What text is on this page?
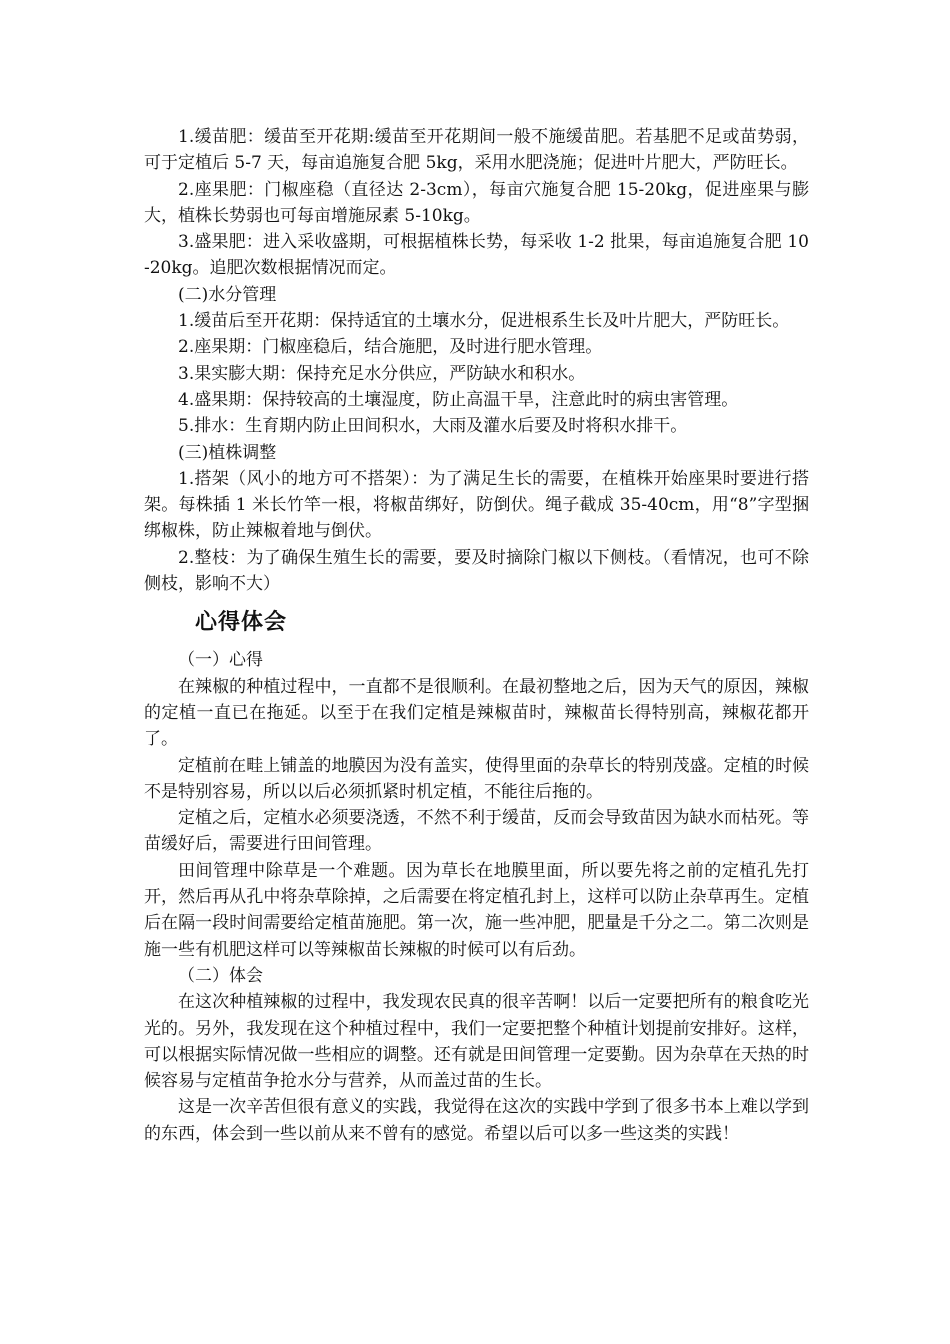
1.缓苗肥：缓苗至开花期:缓苗至开花期间一般不施缓苗肥。若基肥不足或苗势弱，可于定植后 5-7 天，每亩追施复合肥 5kg，采用水肥浇施；促进叶片肥大，严防旺长。

2.座果肥：门椒座稳（直径达 2-3cm），每亩穴施复合肥 15-20kg，促进座果与膨大，植株长势弱也可每亩增施尿素 5-10kg。

3.盛果肥：进入采收盛期，可根据植株长势，每采收 1-2 批果，每亩追施复合肥 10-20kg。追肥次数根据情况而定。

(二)水分管理

1.缓苗后至开花期：保持适宜的土壤水分，促进根系生长及叶片肥大，严防旺长。

2.座果期：门椒座稳后，结合施肥，及时进行肥水管理。

3.果实膨大期：保持充足水分供应，严防缺水和积水。

4.盛果期：保持较高的土壤湿度，防止高温干旱，注意此时的病虫害管理。

5.排水：生育期内防止田间积水，大雨及灌水后要及时将积水排干。

(三)植株调整

1.搭架（风小的地方可不搭架）：为了满足生长的需要，在植株开始座果时要进行搭架。每株插 1 米长竹竿一根，将椒苗绑好，防倒伏。绳子截成 35-40cm，用“8”字型捆绑椒株，防止辣椒着地与倒伏。

2.整枝：为了确保生殖生长的需要，要及时摘除门椒以下侧枝。（看情况，也可不除侧枝，影响不大）

心得体会

（一）心得

在辣椒的种植过程中，一直都不是很顺利。在最初整地之后，因为天气的原因，辣椒的定植一直已在拖延。以至于在我们定植是辣椒苗时，辣椒苗长得特别高，辣椒花都开了。

定植前在畦上铺盖的地膜因为没有盖实，使得里面的杂草长的特别茂盛。定植的时候不是特别容易，所以以后必须抓紧时机定植，不能往后拖的。

定植之后，定植水必须要浇透，不然不利于缓苗，反而会导致苗因为缺水而枯死。等苗缓好后，需要进行田间管理。

田间管理中除草是一个难题。因为草长在地膜里面，所以要先将之前的定植孔先打开，然后再从孔中将杂草除掉，之后需要在将定植孔封上，这样可以防止杂草再生。定植后在隔一段时间需要给定植苗施肥。第一次，施一些冲肥，肥量是千分之二。第二次则是施一些有机肥这样可以等辣椒苗长辣椒的时候可以有后劲。

（二）体会

在这次种植辣椒的过程中，我发现农民真的很辛苦啊！以后一定要把所有的粮食吃光光的。另外，我发现在这个种植过程中，我们一定要把整个种植计划提前安排好。这样，可以根据实际情况做一些相应的调整。还有就是田间管理一定要勤。因为杂草在天热的时候容易与定植苗争抢水分与营养，从而盖过苗的生长。

这是一次辛苦但很有意义的实践，我觉得在这次的实践中学到了很多书本上难以学到的东西，体会到一些以前从来不曾有的感觉。希望以后可以多一些这类的实践！
